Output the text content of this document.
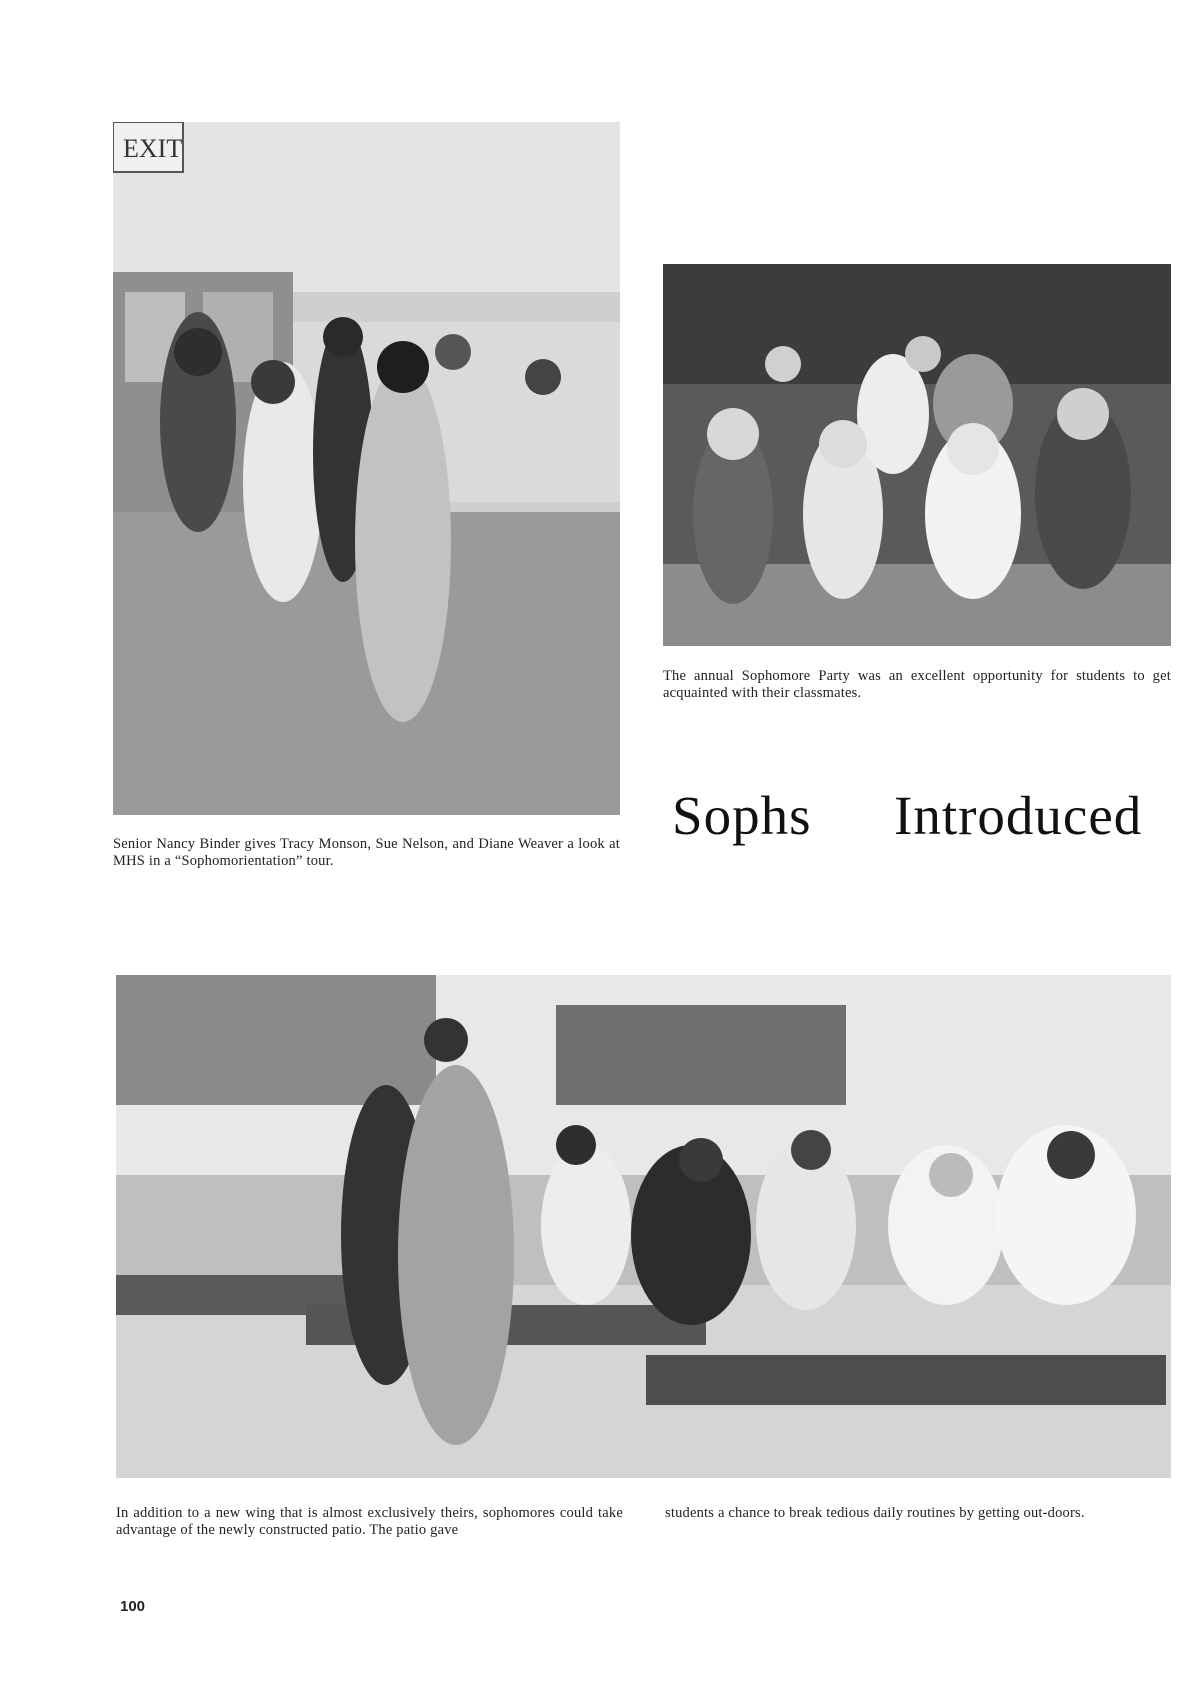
EXIT
Senior Nancy Binder gives Tracy Monson, Sue Nelson, and Diane Weaver a look at MHS in a “Sophomorientation” tour.
The annual Sophomore Party was an excellent opportunity for students to get acquainted with their classmates.
Sophs Introduced
In addition to a new wing that is almost exclusively theirs, sophomores could take advantage of the newly constructed patio. The patio gave
students a chance to break tedious daily routines by getting out-doors.
100
